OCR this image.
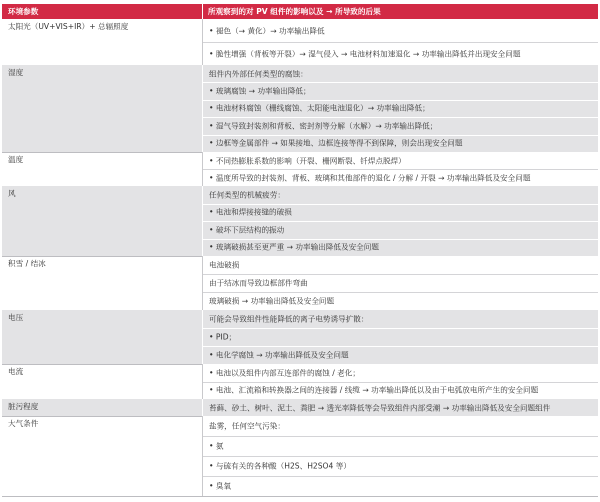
环境参数	所观察到的对 PV 组件的影响以及 → 所导致的后果
太阳光（UV+VIS+IR）+ 总辐照度	• 褪色（→ 黄化）→ 功率输出降低
• 脆性增强（背板等开裂）→ 湿气侵入 → 电池材料加速退化 → 功率输出降低并出现安全问题
湿度	组件内外部任何类型的腐蚀：
• 玻璃腐蚀 → 功率输出降低；
• 电池材料腐蚀（栅线腐蚀、太阳能电池退化）→ 功率输出降低；
• 湿气导致封装剂和背板、密封剂等分解（水解）→ 功率输出降低；
• 边框等金属部件 → 如果接地、边框连接等得不到保障，则会出现安全问题
温度	• 不同热膨胀系数的影响（开裂、栅网断裂、钎焊点脱焊）
• 温度所导致的封装剂、背板、玻璃和其他部件的退化 / 分解 / 开裂 → 功率输出降低及安全问题
风	任何类型的机械疲劳：
• 电池和焊接接缝的破损
• 破坏下层结构的振动
• 玻璃破损甚至更严重 → 功率输出降低及安全问题
积雪 / 结冰	电池破损
由于结冰而导致边框部件弯曲
玻璃破损 → 功率输出降低及安全问题
电压	可能会导致组件性能降低的离子电势诱导扩散：
• PID；
• 电化学腐蚀 → 功率输出降低及安全问题
电流	• 电池以及组件内部互连部件的腐蚀 / 老化；
• 电池、汇流箱和转换器之间的连接器 / 线缆 → 功率输出降低以及由于电弧放电所产生的安全问题
脏污程度	苔藓、砂土、树叶、泥土、粪肥 → 透光率降低等会导致组件内部受潮 → 功率输出降低及安全问题组件
大气条件	盐雾，任何空气污染：
• 氨
• 与硫有关的各种酸（H2S、H2SO4 等）
• 臭氧
